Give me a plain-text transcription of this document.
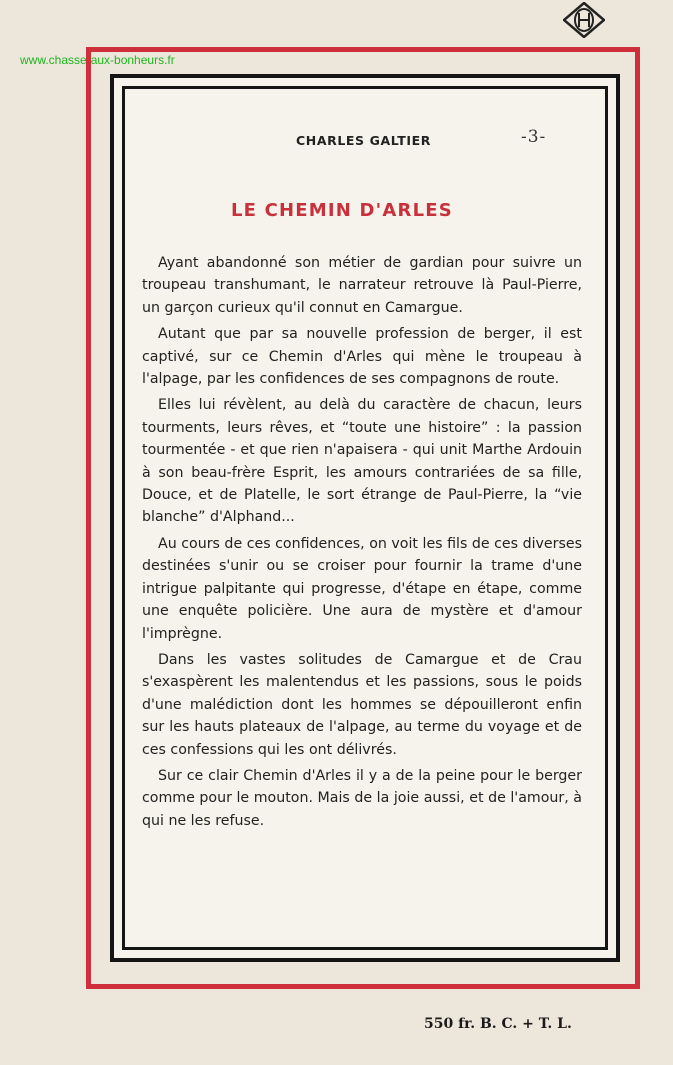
www.chasse-aux-bonheurs.fr
CHARLES GALTIER	-3-
LE CHEMIN D'ARLES

Ayant abandonné son métier de gardian pour suivre un troupeau transhumant, le narrateur retrouve là Paul-Pierre, un garçon curieux qu'il connut en Camargue.

Autant que par sa nouvelle profession de berger, il est captivé, sur ce Chemin d'Arles qui mène le troupeau à l'alpage, par les confidences de ses compagnons de route.

Elles lui révèlent, au delà du caractère de chacun, leurs tourments, leurs rêves, et “toute une histoire” : la passion tourmentée - et que rien n'apaisera - qui unit Marthe Ardouin à son beau-frère Esprit, les amours contrariées de sa fille, Douce, et de Platelle, le sort étrange de Paul-Pierre, la “vie blanche” d'Alphand...

Au cours de ces confidences, on voit les fils de ces diverses destinées s'unir ou se croiser pour fournir la trame d'une intrigue palpitante qui progresse, d'étape en étape, comme une enquête policière. Une aura de mystère et d'amour l'imprègne.

Dans les vastes solitudes de Camargue et de Crau s'exaspèrent les malentendus et les passions, sous le poids d'une malédiction dont les hommes se dépouilleront enfin sur les hauts plateaux de l'alpage, au terme du voyage et de ces confessions qui les ont délivrés.

Sur ce clair Chemin d'Arles il y a de la peine pour le berger comme pour le mouton. Mais de la joie aussi, et de l'amour, à qui ne les refuse.

550 fr. B. C. + T. L.
